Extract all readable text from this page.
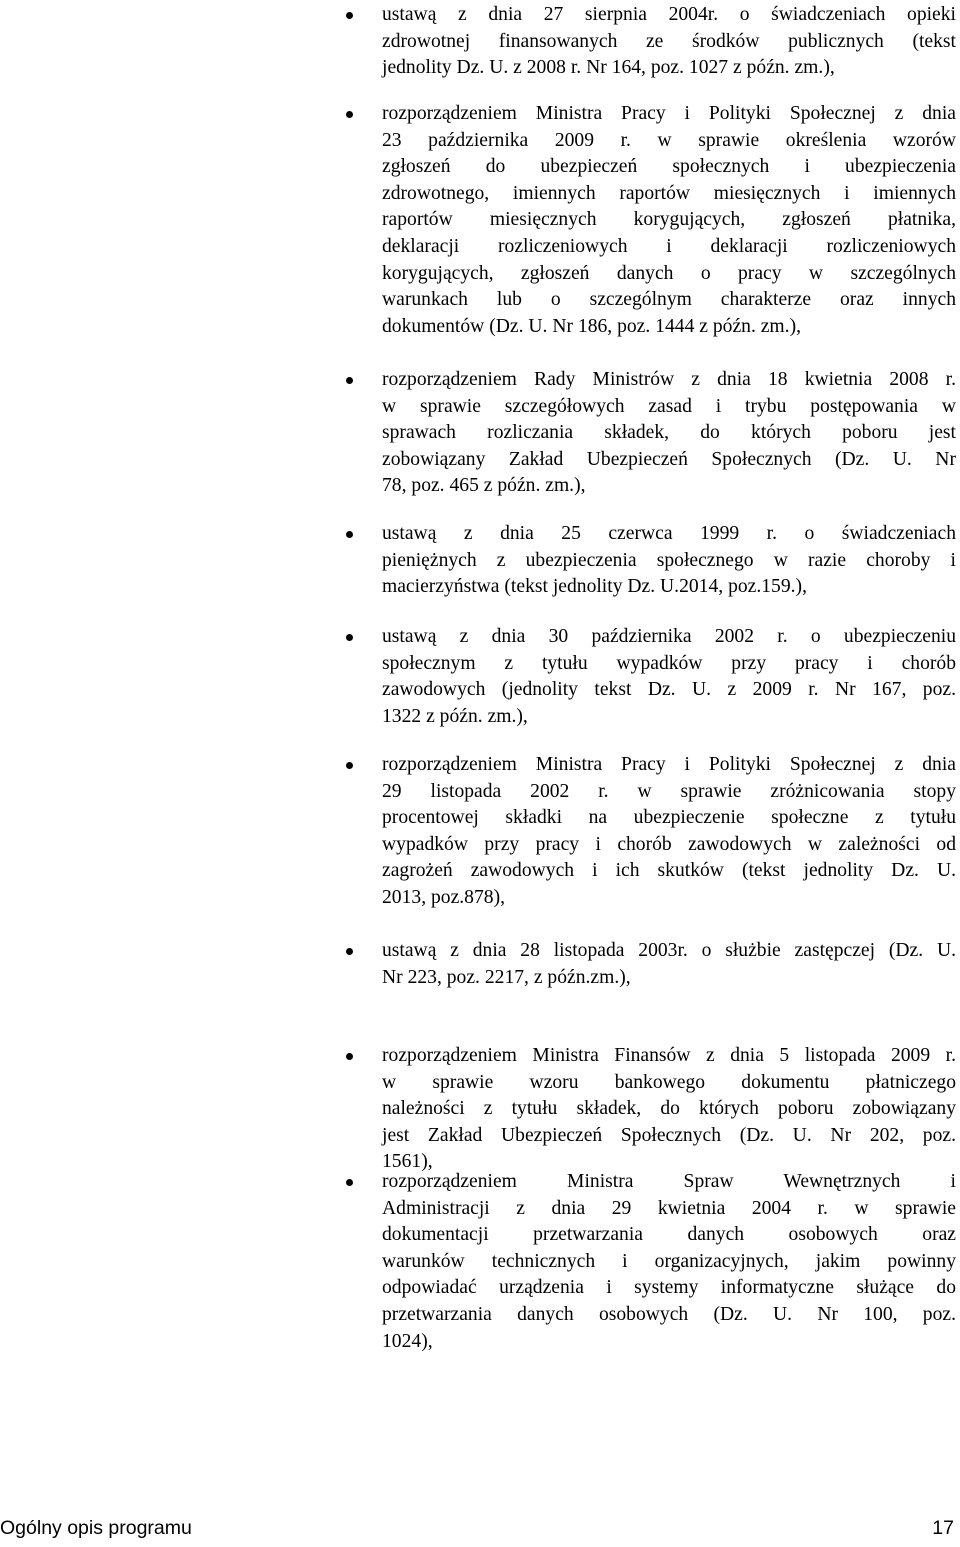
ustawą z dnia 27 sierpnia 2004r. o świadczeniach opieki
zdrowotnej finansowanych ze środków publicznych (tekst
jednolity Dz. U. z 2008 r. Nr 164, poz. 1027 z późn. zm.),
rozporządzeniem Ministra Pracy i Polityki Społecznej z dnia
23 października 2009 r. w sprawie określenia wzorów
zgłoszeń do ubezpieczeń społecznych i ubezpieczenia
zdrowotnego, imiennych raportów miesięcznych i imiennych
raportów miesięcznych korygujących, zgłoszeń płatnika,
deklaracji rozliczeniowych i deklaracji rozliczeniowych
korygujących, zgłoszeń danych o pracy w szczególnych
warunkach lub o szczególnym charakterze oraz innych
dokumentów (Dz. U. Nr 186, poz. 1444 z późn. zm.),
rozporządzeniem Rady Ministrów z dnia 18 kwietnia 2008 r.
w sprawie szczegółowych zasad i trybu postępowania w
sprawach rozliczania składek, do których poboru jest
zobowiązany Zakład Ubezpieczeń Społecznych (Dz. U. Nr
78, poz. 465 z późn. zm.),
ustawą z dnia 25 czerwca 1999 r. o świadczeniach
pieniężnych z ubezpieczenia społecznego w razie choroby i
macierzyństwa (tekst jednolity Dz. U.2014, poz.159.),
ustawą z dnia 30 października 2002 r. o ubezpieczeniu
społecznym z tytułu wypadków przy pracy i chorób
zawodowych (jednolity tekst Dz. U. z 2009 r. Nr 167, poz.
1322 z późn. zm.),
rozporządzeniem Ministra Pracy i Polityki Społecznej z dnia
29 listopada 2002 r. w sprawie zróżnicowania stopy
procentowej składki na ubezpieczenie społeczne z tytułu
wypadków przy pracy i chorób zawodowych w zależności od
zagrożeń zawodowych i ich skutków (tekst jednolity Dz. U.
2013, poz.878),
ustawą z dnia 28 listopada 2003r. o służbie zastępczej (Dz. U.
Nr 223, poz. 2217, z późn.zm.),
rozporządzeniem Ministra Finansów z dnia 5 listopada 2009 r.
w sprawie wzoru bankowego dokumentu płatniczego
należności z tytułu składek, do których poboru zobowiązany
jest Zakład Ubezpieczeń Społecznych (Dz. U. Nr 202, poz.
1561),
rozporządzeniem Ministra Spraw Wewnętrznych i
Administracji z dnia 29 kwietnia 2004 r. w sprawie
dokumentacji przetwarzania danych osobowych oraz
warunków technicznych i organizacyjnych, jakim powinny
odpowiadać urządzenia i systemy informatyczne służące do
przetwarzania danych osobowych (Dz. U. Nr 100, poz.
1024),
Ogólny opis programu	17
